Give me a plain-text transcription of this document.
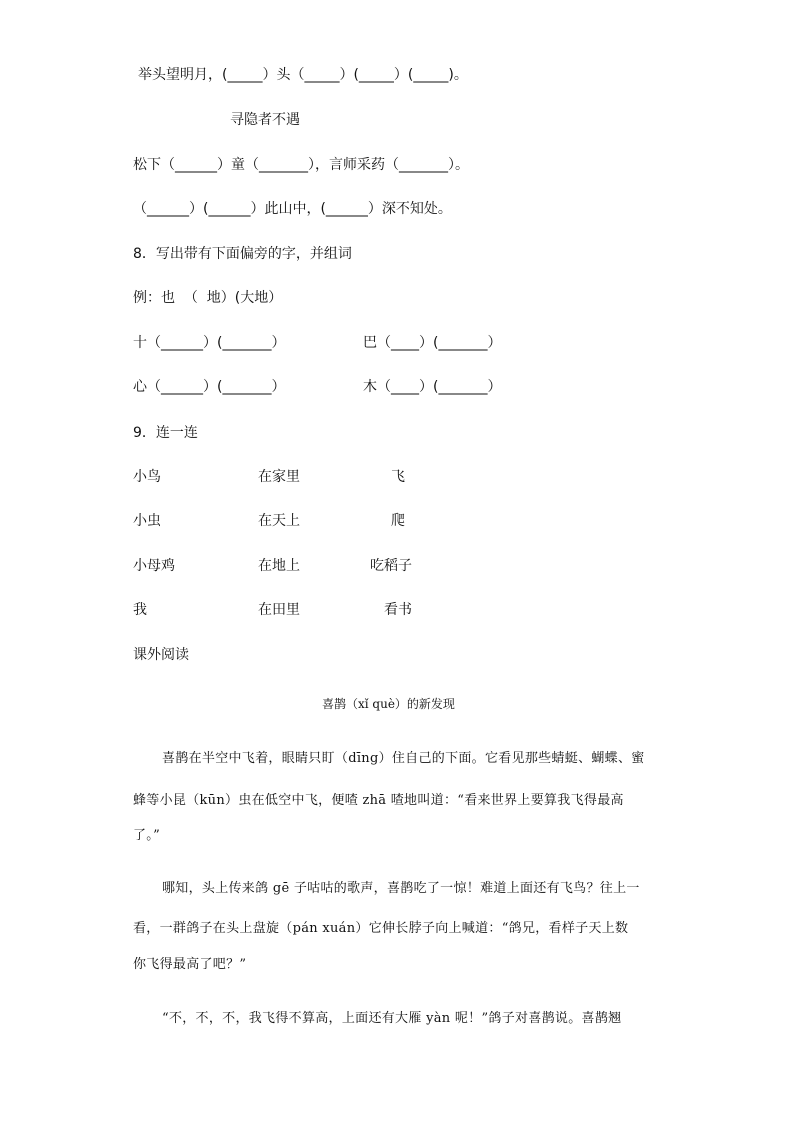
举头望明月，(_____）头（_____）(_____）(_____)。
寻隐者不遇
松下（______）童（_______），言师采药（_______）。
（______）(______）此山中，(______）深不知处。
8．写出带有下面偏旁的字，并组词
例：也  （  地）(大地）
十（______）(_______）	巴（____）(_______）
心（______）(_______）	木（____）(_______）
9．连一连
小鸟	在家里	飞
小虫	在天上	爬
小母鸡	在地上	吃稻子
我	在田里	看书
课外阅读
喜鹊（xǐ què）的新发现
喜鹊在半空中飞着，眼睛只盯（dīng）住自己的下面。它看见那些蜻蜓、蝴蝶、蜜
蜂等小昆（kūn）虫在低空中飞，便喳 zhā 喳地叫道：“看来世界上要算我飞得最高
了。”
哪知，头上传来鸽 gē 子咕咕的歌声，喜鹊吃了一惊！难道上面还有飞鸟？往上一
看，一群鸽子在头上盘旋（pán xuán）它伸长脖子向上喊道：“鸽兄，看样子天上数
你飞得最高了吧？”
“不，不，不，我飞得不算高，上面还有大雁 yàn 呢！”鸽子对喜鹊说。喜鹊翘
